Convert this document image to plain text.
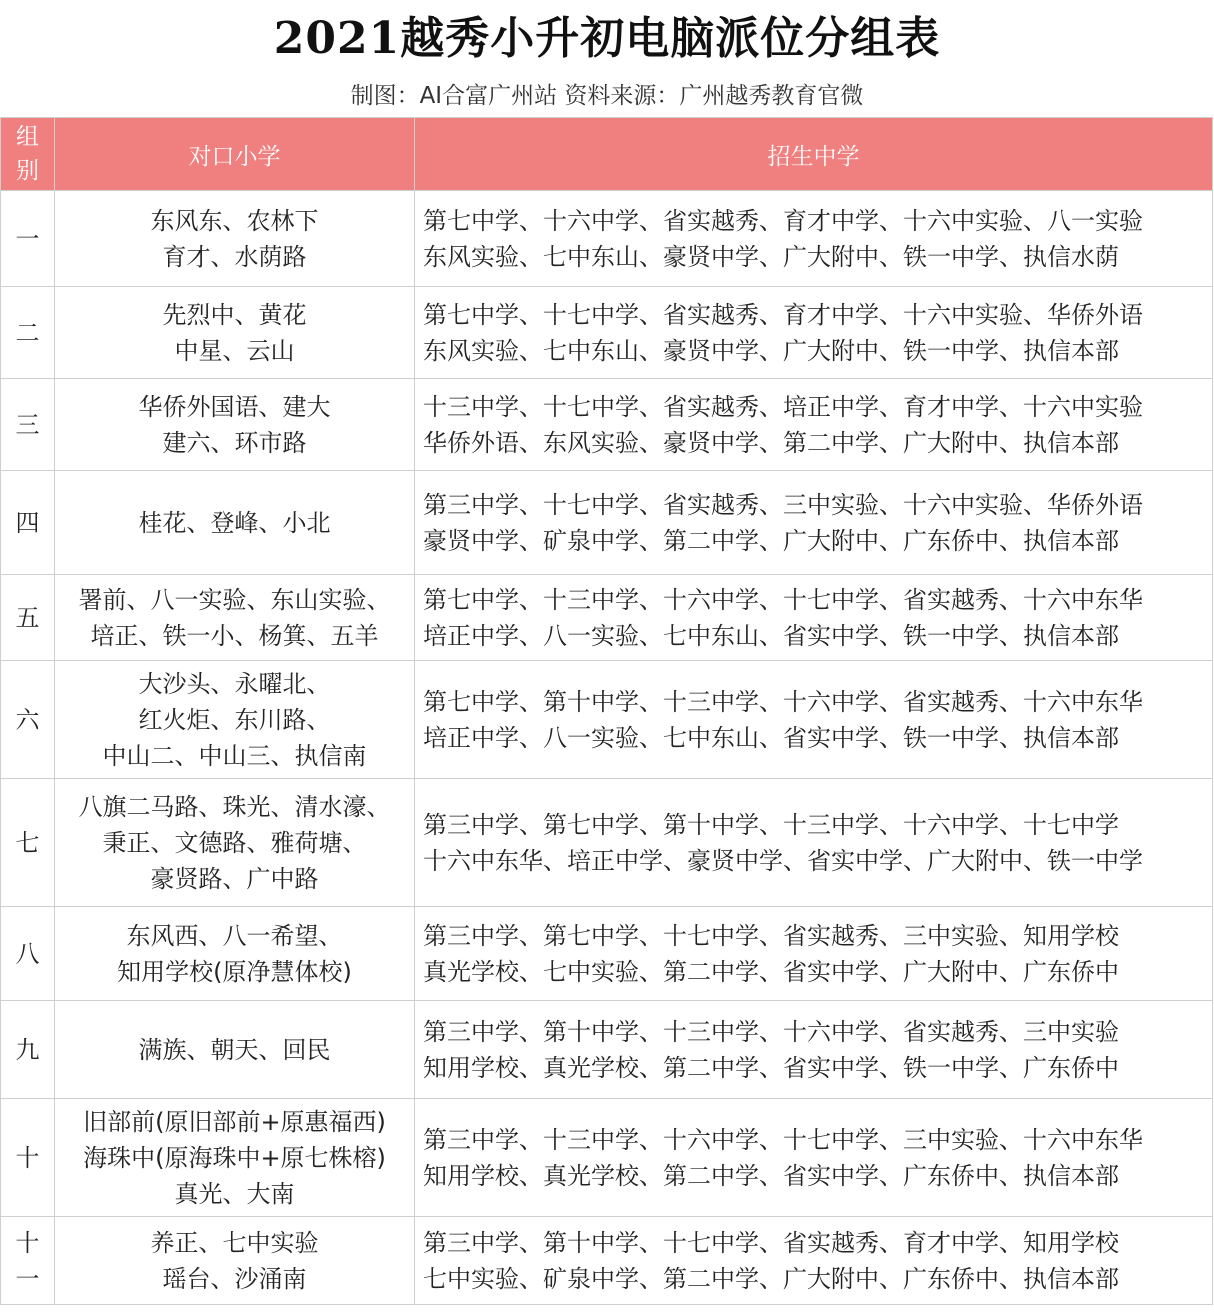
2021越秀小升初电脑派位分组表
制图：AI合富广州站 资料来源：广州越秀教育官微
组
别	对口小学	招生中学

一	东风东、农林下
育才、水荫路	第七中学、十六中学、省实越秀、育才中学、十六中实验、八一实验
东风实验、七中东山、豪贤中学、广大附中、铁一中学、执信水荫

二	先烈中、黄花
中星、云山	第七中学、十七中学、省实越秀、育才中学、十六中实验、华侨外语
东风实验、七中东山、豪贤中学、广大附中、铁一中学、执信本部

三	华侨外国语、建大
建六、环市路	十三中学、十七中学、省实越秀、培正中学、育才中学、十六中实验
华侨外语、东风实验、豪贤中学、第二中学、广大附中、执信本部

四	桂花、登峰、小北	第三中学、十七中学、省实越秀、三中实验、十六中实验、华侨外语
豪贤中学、矿泉中学、第二中学、广大附中、广东侨中、执信本部

五	署前、八一实验、东山实验、
培正、铁一小、杨箕、五羊	第七中学、十三中学、十六中学、十七中学、省实越秀、十六中东华
培正中学、八一实验、七中东山、省实中学、铁一中学、执信本部

六	大沙头、永曜北、
红火炬、东川路、
中山二、中山三、执信南	第七中学、第十中学、十三中学、十六中学、省实越秀、十六中东华
培正中学、八一实验、七中东山、省实中学、铁一中学、执信本部

七	八旗二马路、珠光、清水濠、
秉正、文德路、雅荷塘、
豪贤路、广中路	第三中学、第七中学、第十中学、十三中学、十六中学、十七中学
十六中东华、培正中学、豪贤中学、省实中学、广大附中、铁一中学

八	东风西、八一希望、
知用学校(原净慧体校)	第三中学、第七中学、十七中学、省实越秀、三中实验、知用学校
真光学校、七中实验、第二中学、省实中学、广大附中、广东侨中

九	满族、朝天、回民	第三中学、第十中学、十三中学、十六中学、省实越秀、三中实验
知用学校、真光学校、第二中学、省实中学、铁一中学、广东侨中

十	旧部前(原旧部前+原惠福西)
海珠中(原海珠中+原七株榕)
真光、大南	第三中学、十三中学、十六中学、十七中学、三中实验、十六中东华
知用学校、真光学校、第二中学、省实中学、广东侨中、执信本部

十
一	养正、七中实验
瑶台、沙涌南	第三中学、第十中学、十七中学、省实越秀、育才中学、知用学校
七中实验、矿泉中学、第二中学、广大附中、广东侨中、执信本部
